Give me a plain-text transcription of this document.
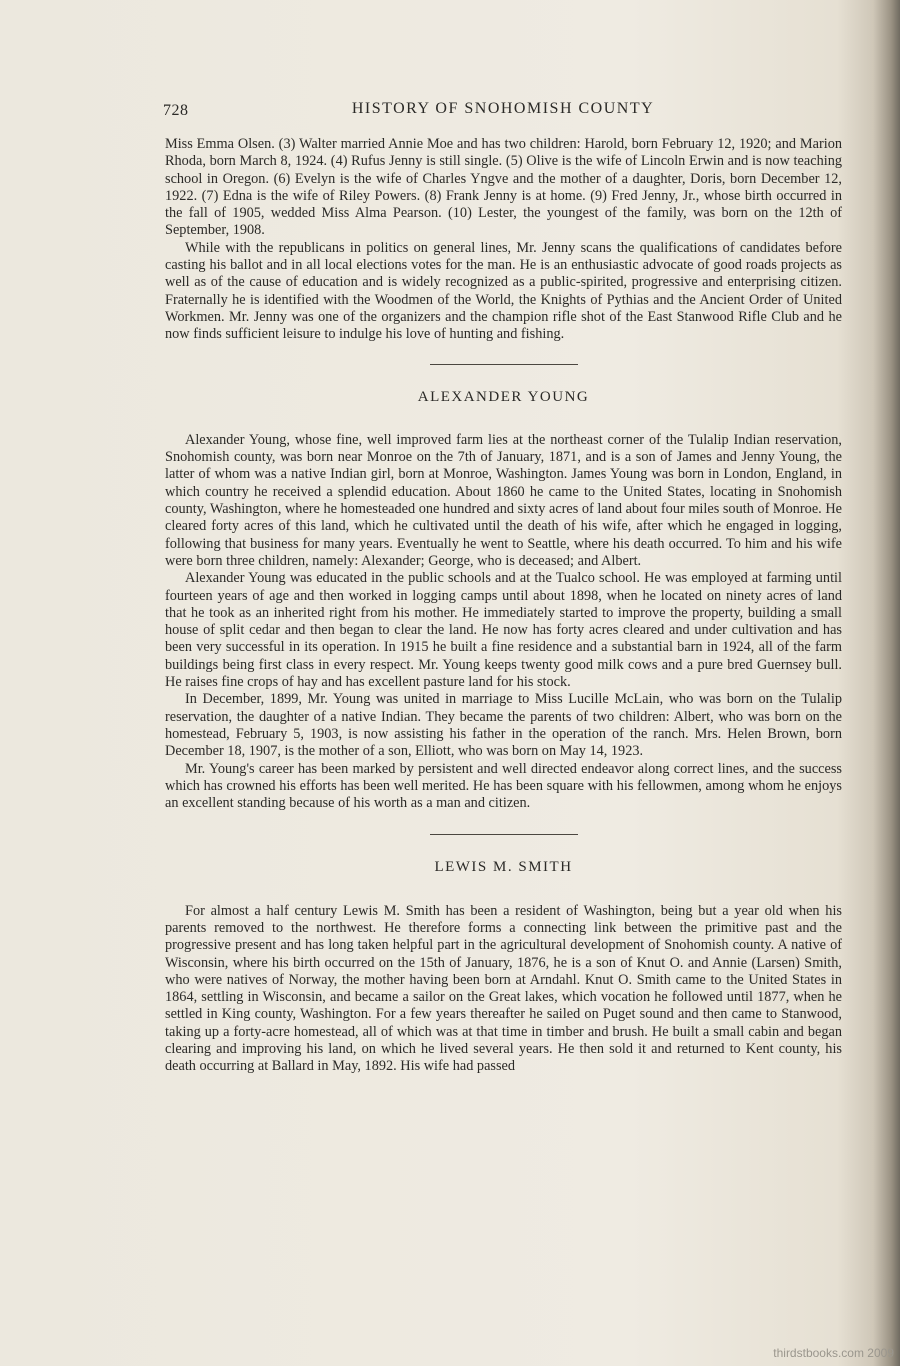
728	HISTORY OF SNOHOMISH COUNTY

Miss Emma Olsen. (3) Walter married Annie Moe and has two children: Harold, born February 12, 1920; and Marion Rhoda, born March 8, 1924. (4) Rufus Jenny is still single. (5) Olive is the wife of Lincoln Erwin and is now teaching school in Oregon. (6) Evelyn is the wife of Charles Yngve and the mother of a daughter, Doris, born December 12, 1922. (7) Edna is the wife of Riley Powers. (8) Frank Jenny is at home. (9) Fred Jenny, Jr., whose birth occurred in the fall of 1905, wedded Miss Alma Pearson. (10) Lester, the youngest of the family, was born on the 12th of September, 1908.

While with the republicans in politics on general lines, Mr. Jenny scans the qualifications of candidates before casting his ballot and in all local elections votes for the man. He is an enthusiastic advocate of good roads projects as well as of the cause of education and is widely recognized as a public-spirited, progressive and enterprising citizen. Fraternally he is identified with the Woodmen of the World, the Knights of Pythias and the Ancient Order of United Workmen. Mr. Jenny was one of the organizers and the champion rifle shot of the East Stanwood Rifle Club and he now finds sufficient leisure to indulge his love of hunting and fishing.

ALEXANDER YOUNG

Alexander Young, whose fine, well improved farm lies at the northeast corner of the Tulalip Indian reservation, Snohomish county, was born near Monroe on the 7th of January, 1871, and is a son of James and Jenny Young, the latter of whom was a native Indian girl, born at Monroe, Washington. James Young was born in London, England, in which country he received a splendid education. About 1860 he came to the United States, locating in Snohomish county, Washington, where he homesteaded one hundred and sixty acres of land about four miles south of Monroe. He cleared forty acres of this land, which he cultivated until the death of his wife, after which he engaged in logging, following that business for many years. Eventually he went to Seattle, where his death occurred. To him and his wife were born three children, namely: Alexander; George, who is deceased; and Albert.

Alexander Young was educated in the public schools and at the Tualco school. He was employed at farming until fourteen years of age and then worked in logging camps until about 1898, when he located on ninety acres of land that he took as an inherited right from his mother. He immediately started to improve the property, building a small house of split cedar and then began to clear the land. He now has forty acres cleared and under cultivation and has been very successful in its operation. In 1915 he built a fine residence and a substantial barn in 1924, all of the farm buildings being first class in every respect. Mr. Young keeps twenty good milk cows and a pure bred Guernsey bull. He raises fine crops of hay and has excellent pasture land for his stock.

In December, 1899, Mr. Young was united in marriage to Miss Lucille McLain, who was born on the Tulalip reservation, the daughter of a native Indian. They became the parents of two children: Albert, who was born on the homestead, February 5, 1903, is now assisting his father in the operation of the ranch. Mrs. Helen Brown, born December 18, 1907, is the mother of a son, Elliott, who was born on May 14, 1923.

Mr. Young's career has been marked by persistent and well directed endeavor along correct lines, and the success which has crowned his efforts has been well merited. He has been square with his fellowmen, among whom he enjoys an excellent standing because of his worth as a man and citizen.

LEWIS M. SMITH

For almost a half century Lewis M. Smith has been a resident of Washington, being but a year old when his parents removed to the northwest. He therefore forms a connecting link between the primitive past and the progressive present and has long taken helpful part in the agricultural development of Snohomish county. A native of Wisconsin, where his birth occurred on the 15th of January, 1876, he is a son of Knut O. and Annie (Larsen) Smith, who were natives of Norway, the mother having been born at Arndahl. Knut O. Smith came to the United States in 1864, settling in Wisconsin, and became a sailor on the Great lakes, which vocation he followed until 1877, when he settled in King county, Washington. For a few years thereafter he sailed on Puget sound and then came to Stanwood, taking up a forty-acre homestead, all of which was at that time in timber and brush. He built a small cabin and began clearing and improving his land, on which he lived several years. He then sold it and returned to Kent county, his death occurring at Ballard in May, 1892. His wife had passed

thirdstbooks.com 2009
